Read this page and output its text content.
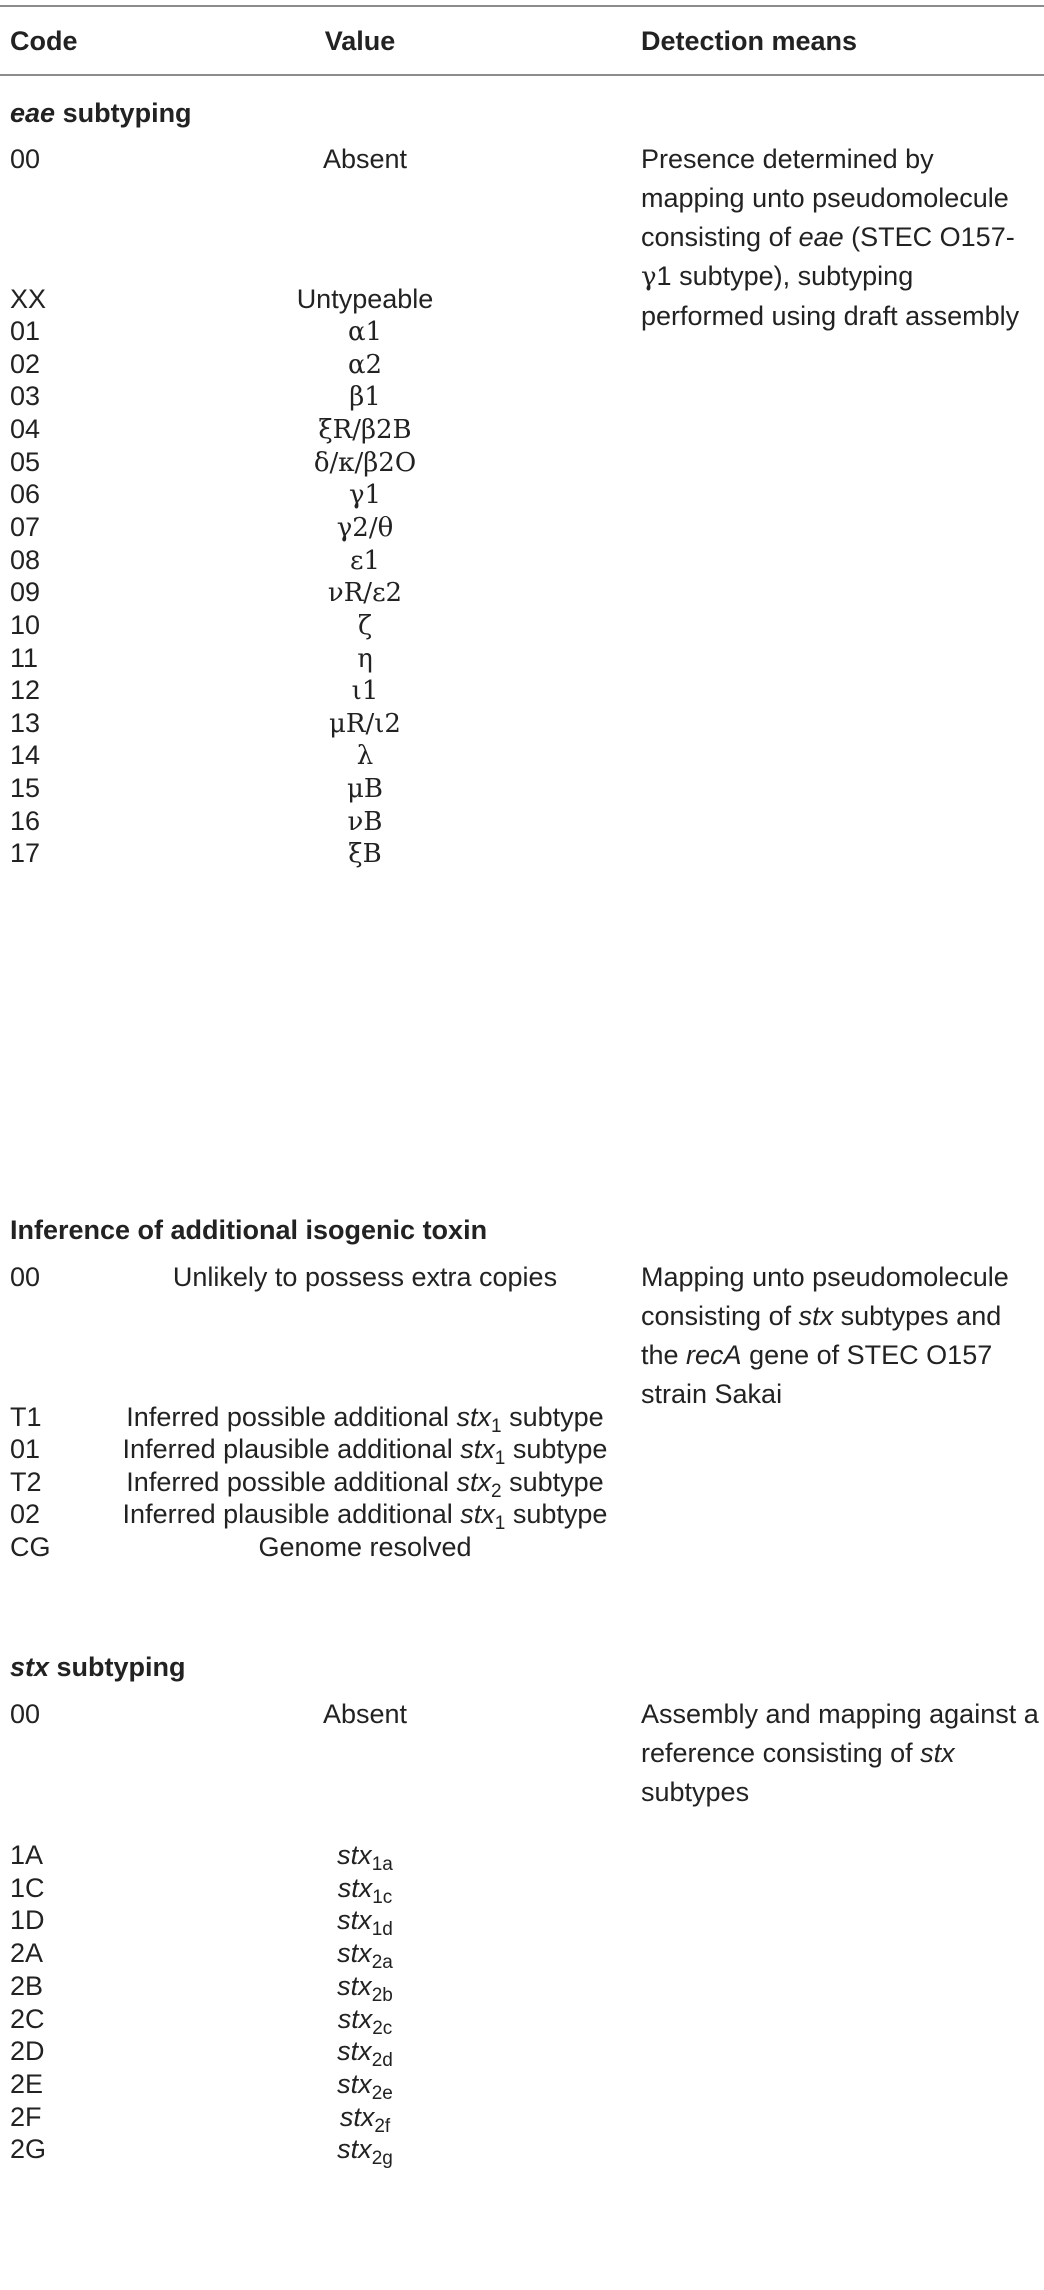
Code	Value	Detection means
eae subtyping
00	Absent
XX	Untypeable
01	α1
02	α2
03	β1
04	ξR/β2B
05	δ/κ/β2O
06	γ1
07	γ2/θ
08	ε1
09	νR/ε2
10	ζ
11	η
12	ι1
13	μR/ι2
14	λ
15	μB
16	νB
17	ξB
Presence determined by mapping unto pseudomolecule consisting of eae (STEC O157-γ1 subtype), subtyping performed using draft assembly
Inference of additional isogenic toxin
00	Unlikely to possess extra copies
T1	Inferred possible additional stx$_1$ subtype
01	Inferred plausible additional stx$_1$ subtype
T2	Inferred possible additional stx$_2$ subtype
02	Inferred plausible additional stx$_1$ subtype
CG	Genome resolved
Mapping unto pseudomolecule consisting of stx subtypes and the recA gene of STEC O157 strain Sakai
stx subtyping
00	Absent
1A	stx$_{1a}$
1C	stx$_{1c}$
1D	stx$_{1d}$
2A	stx$_{2a}$
2B	stx$_{2b}$
2C	stx$_{2c}$
2D	stx$_{2d}$
2E	stx$_{2e}$
2F	stx$_{2f}$
2G	stx$_{2g}$
Assembly and mapping against a reference consisting of stx subtypes
